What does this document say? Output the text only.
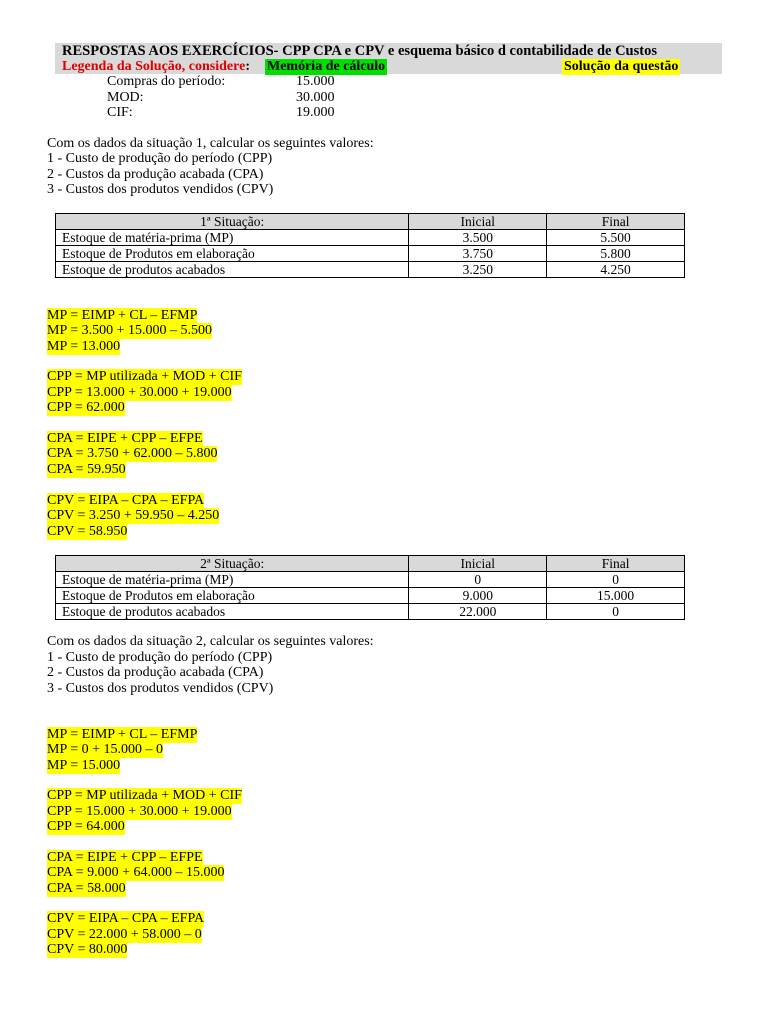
RESPOSTAS AOS EXERCÍCIOS- CPP CPA e CPV e esquema básico d contabilidade de Custos
Legenda da Solução, considere: Memória de cálculo	Solução da questão
Compras do período:	15.000
MOD:	30.000
CIF:	19.000
Com os dados da situação 1, calcular os seguintes valores:
1 - Custo de produção do período (CPP)
2 - Custos da produção acabada (CPA)
3 - Custos dos produtos vendidos (CPV)
1ª Situação:	Inicial	Final
Estoque de matéria-prima (MP)	3.500	5.500
Estoque de Produtos em elaboração	3.750	5.800
Estoque de produtos acabados	3.250	4.250
MP = EIMP + CL – EFMP
MP = 3.500 + 15.000 – 5.500
MP = 13.000
CPP = MP utilizada + MOD + CIF
CPP = 13.000 + 30.000 + 19.000
CPP = 62.000
CPA = EIPE + CPP – EFPE
CPA = 3.750 + 62.000 – 5.800
CPA = 59.950
CPV = EIPA – CPA – EFPA
CPV = 3.250 + 59.950 – 4.250
CPV = 58.950
2ª Situação:	Inicial	Final
Estoque de matéria-prima (MP)	0	0
Estoque de Produtos em elaboração	9.000	15.000
Estoque de produtos acabados	22.000	0
Com os dados da situação 2, calcular os seguintes valores:
1 - Custo de produção do período (CPP)
2 - Custos da produção acabada (CPA)
3 - Custos dos produtos vendidos (CPV)
MP = EIMP + CL – EFMP
MP = 0 + 15.000 – 0
MP = 15.000
CPP = MP utilizada + MOD + CIF
CPP = 15.000 + 30.000 + 19.000
CPP = 64.000
CPA = EIPE + CPP – EFPE
CPA = 9.000 + 64.000 – 15.000
CPA = 58.000
CPV = EIPA – CPA – EFPA
CPV = 22.000 + 58.000 – 0
CPV = 80.000
